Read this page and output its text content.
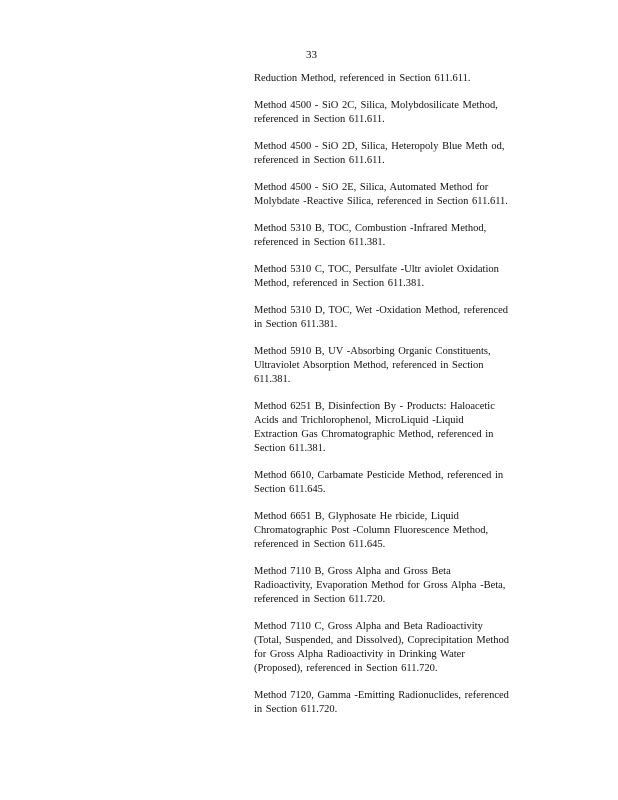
33

Reduction Method, referenced in Section 611.611.

Method 4500 - SiO 2C, Silica, Molybdosilicate Method,
referenced in Section 611.611.

Method 4500 - SiO 2D, Silica, Heteropoly Blue Meth od,
referenced in Section 611.611.

Method 4500 - SiO 2E, Silica, Automated Method for
Molybdate -Reactive Silica, referenced in Section 611.611.

Method 5310 B, TOC, Combustion -Infrared Method,
referenced in Section 611.381.

Method 5310 C, TOC, Persulfate -Ultr aviolet Oxidation
Method, referenced in Section 611.381.

Method 5310 D, TOC, Wet -Oxidation Method, referenced
in Section 611.381.

Method 5910 B, UV -Absorbing Organic Constituents,
Ultraviolet Absorption Method, referenced in Section
611.381.

Method 6251 B, Disinfection By - Products: Haloacetic
Acids and Trichlorophenol, MicroLiquid -Liquid
Extraction Gas Chromatographic Method, referenced in
Section 611.381.

Method 6610, Carbamate Pesticide Method, referenced in
Section 611.645.

Method 6651 B, Glyphosate He rbicide, Liquid
Chromatographic Post -Column Fluorescence Method,
referenced in Section 611.645.

Method 7110 B, Gross Alpha and Gross Beta
Radioactivity, Evaporation Method for Gross Alpha -Beta,
referenced in Section 611.720.

Method 7110 C, Gross Alpha and Beta Radioactivity
(Total, Suspended, and Dissolved), Coprecipitation Method
for Gross Alpha Radioactivity in Drinking Water
(Proposed), referenced in Section 611.720.

Method 7120, Gamma -Emitting Radionuclides, referenced
in Section 611.720.
